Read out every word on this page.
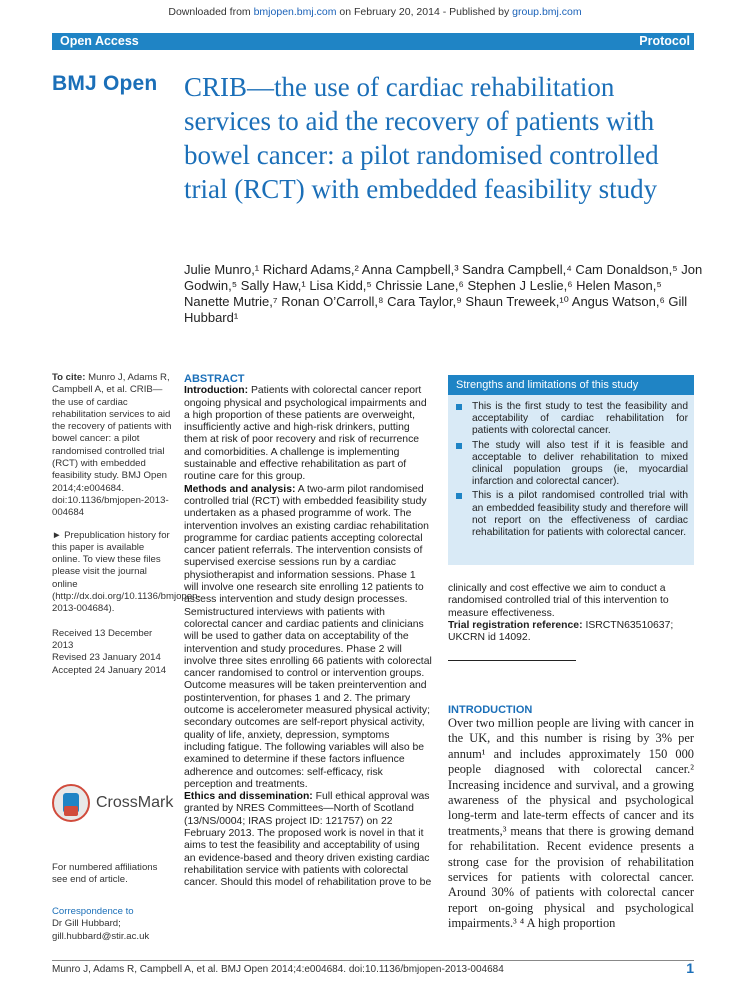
Downloaded from bmjopen.bmj.com on February 20, 2014 - Published by group.bmj.com
Open Access	Protocol
BMJ Open CRIB—the use of cardiac rehabilitation services to aid the recovery of patients with bowel cancer: a pilot randomised controlled trial (RCT) with embedded feasibility study
Julie Munro,¹ Richard Adams,² Anna Campbell,³ Sandra Campbell,⁴ Cam Donaldson,⁵ Jon Godwin,⁵ Sally Haw,¹ Lisa Kidd,⁵ Chrissie Lane,⁶ Stephen J Leslie,⁶ Helen Mason,⁵ Nanette Mutrie,⁷ Ronan O’Carroll,⁸ Cara Taylor,⁹ Shaun Treweek,¹⁰ Angus Watson,⁶ Gill Hubbard¹

To cite: Munro J, Adams R, Campbell A, et al. CRIB—the use of cardiac rehabilitation services to aid the recovery of patients with bowel cancer: a pilot randomised controlled trial (RCT) with embedded feasibility study. BMJ Open 2014;4:e004684. doi:10.1136/bmjopen-2013-004684

► Prepublication history for this paper is available online. To view these files please visit the journal online (http://dx.doi.org/10.1136/bmjopen-2013-004684).

Received 13 December 2013
Revised 23 January 2014
Accepted 24 January 2014
CrossMark
For numbered affiliations see end of article.
Correspondence to
Dr Gill Hubbard;
gill.hubbard@stir.ac.uk
ABSTRACT
Introduction: Patients with colorectal cancer report ongoing physical and psychological impairments and a high proportion of these patients are overweight, insufficiently active and high-risk drinkers, putting them at risk of poor recovery and risk of recurrence and comorbidities. A challenge is implementing sustainable and effective rehabilitation as part of routine care for this group.
Methods and analysis: A two-arm pilot randomised controlled trial (RCT) with embedded feasibility study undertaken as a phased programme of work. The intervention involves an existing cardiac rehabilitation programme for cardiac patients accepting colorectal cancer patient referrals. The intervention consists of supervised exercise sessions run by a cardiac physiotherapist and information sessions. Phase 1 will involve one research site enrolling 12 patients to assess intervention and study design processes. Semistructured interviews with patients with colorectal cancer and cardiac patients and clinicians will be used to gather data on acceptability of the intervention and study procedures. Phase 2 will involve three sites enrolling 66 patients with colorectal cancer randomised to control or intervention groups. Outcome measures will be taken preintervention and postintervention, for phases 1 and 2. The primary outcome is accelerometer measured physical activity; secondary outcomes are self-report physical activity, quality of life, anxiety, depression, symptoms including fatigue. The following variables will also be examined to determine if these factors influence adherence and outcomes: self-efficacy, risk perception and treatments.
Ethics and dissemination: Full ethical approval was granted by NRES Committees—North of Scotland (13/NS/0004; IRAS project ID: 121757) on 22 February 2013. The proposed work is novel in that it aims to test the feasibility and acceptability of using an evidence-based and theory driven existing cardiac rehabilitation service with patients with colorectal cancer. Should this model of rehabilitation prove to be
Strengths and limitations of this study
This is the first study to test the feasibility and acceptability of cardiac rehabilitation for patients with colorectal cancer.
The study will also test if it is feasible and acceptable to deliver rehabilitation to mixed clinical population groups (ie, myocardial infarction and colorectal cancer).
This is a pilot randomised controlled trial with an embedded feasibility study and therefore will not report on the effectiveness of cardiac rehabilitation for patients with colorectal cancer.
clinically and cost effective we aim to conduct a randomised controlled trial of this intervention to measure effectiveness.
Trial registration reference: ISRCTN63510637; UKCRN id 14092.
INTRODUCTION
Over two million people are living with cancer in the UK, and this number is rising by 3% per annum¹ and includes approximately 150 000 people diagnosed with colorectal cancer.² Increasing incidence and survival, and a growing awareness of the physical and psychological long-term and late-term effects of cancer and its treatments,³ means that there is growing demand for rehabilitation. Recent evidence presents a strong case for the provision of rehabilitation services for patients with colorectal cancer. Around 30% of patients with colorectal cancer report on-going physical and psychological impairments.³ ⁴ A high proportion
Munro J, Adams R, Campbell A, et al. BMJ Open 2014;4:e004684. doi:10.1136/bmjopen-2013-004684	1
